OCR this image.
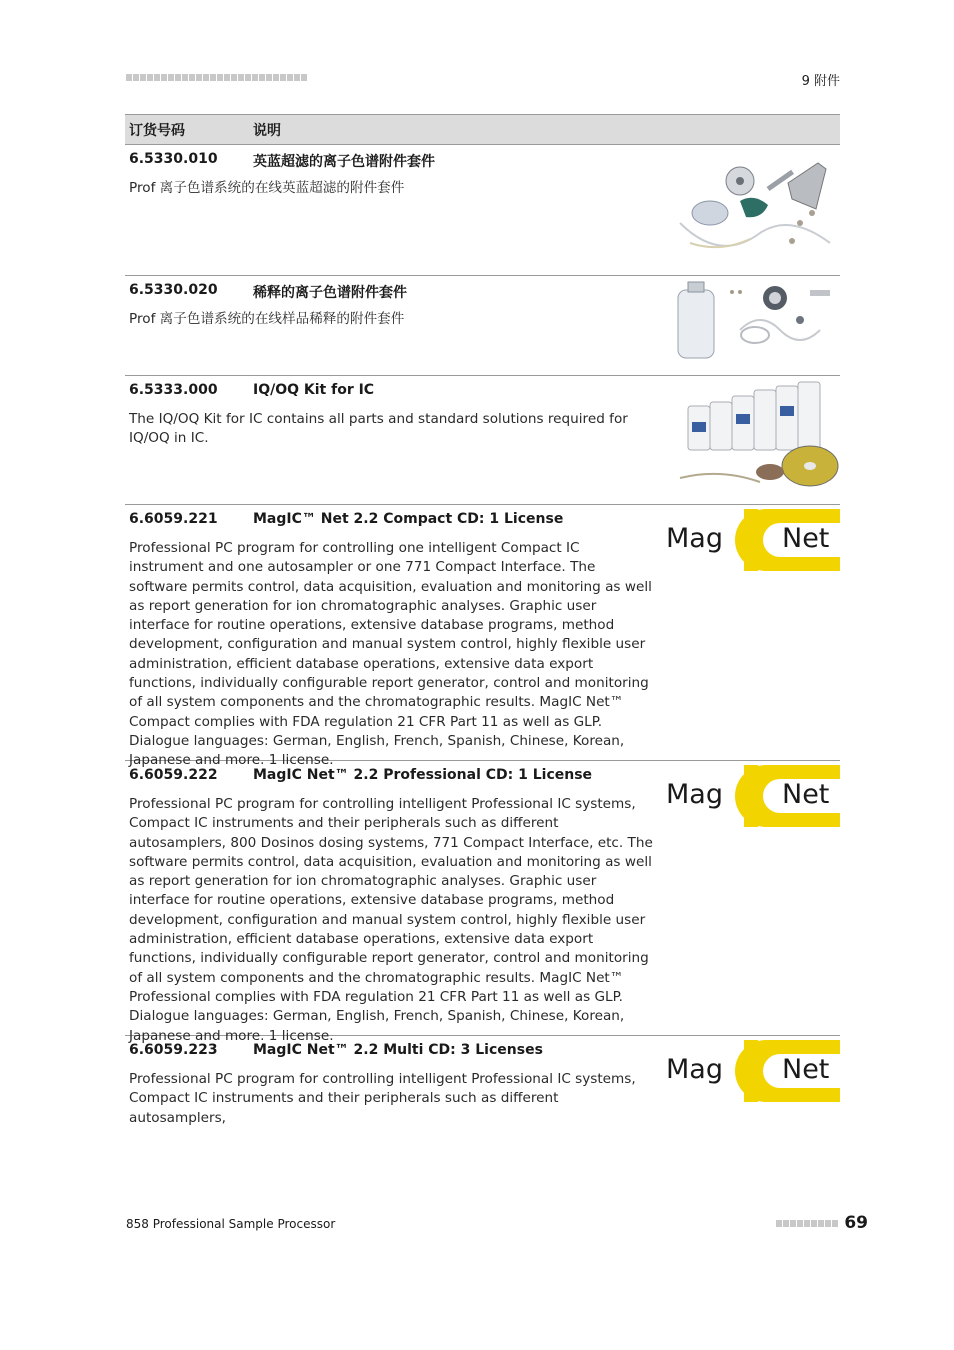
9 附件
订货号码	说明
6.5330.010	英蓝超滤的离子色谱附件套件
Prof 离子色谱系统的在线英蓝超滤的附件套件
6.5330.020	稀释的离子色谱附件套件
Prof 离子色谱系统的在线样品稀释的附件套件
6.5333.000	IQ/OQ Kit for IC
The IQ/OQ Kit for IC contains all parts and standard solutions required for IQ/OQ in IC.
6.6059.221	MagIC™ Net 2.2 Compact CD: 1 License
Professional PC program for controlling one intelligent Compact IC instrument and one autosampler or one 771 Compact Interface. The software permits control, data acquisition, evaluation and monitoring as well as report generation for ion chromatographic analyses. Graphic user interface for routine operations, extensive database programs, method development, configuration and manual system control, highly flexible user administration, efficient database operations, extensive data export functions, individually configurable report generator, control and monitoring of all system components and the chromatographic results. MagIC Net™ Compact complies with FDA regulation 21 CFR Part 11 as well as GLP. Dialogue languages: German, English, French, Spanish, Chinese, Korean, Japanese and more. 1 license.
Mag Net
6.6059.222	MagIC Net™ 2.2 Professional CD: 1 License
Professional PC program for controlling intelligent Professional IC systems, Compact IC instruments and their peripherals such as different autosamplers, 800 Dosinos dosing systems, 771 Compact Interface, etc. The software permits control, data acquisition, evaluation and monitoring as well as report generation for ion chromatographic analyses. Graphic user interface for routine operations, extensive database programs, method development, configuration and manual system control, highly flexible user administration, efficient database operations, extensive data export functions, individually configurable report generator, control and monitoring of all system components and the chromatographic results. MagIC Net™ Professional complies with FDA regulation 21 CFR Part 11 as well as GLP. Dialogue languages: German, English, French, Spanish, Chinese, Korean, Japanese and more. 1 license.
Mag Net
6.6059.223	MagIC Net™ 2.2 Multi CD: 3 Licenses
Professional PC program for controlling intelligent Professional IC systems, Compact IC instruments and their peripherals such as different autosamplers,
Mag Net
858 Professional Sample Processor	69
